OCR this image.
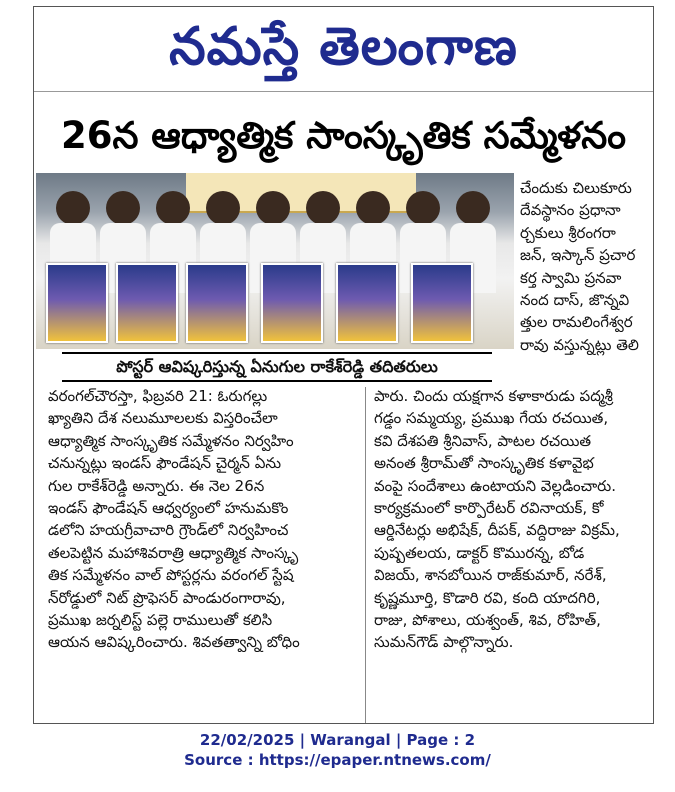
నమస్తే తెలంగాణ
26న ఆధ్యాత్మిక సాంస్కృతిక సమ్మేళనం
పోస్టర్ ఆవిష్కరిస్తున్న ఏనుగుల రాకేశ్‌రెడ్డి తదితరులు
చేందుకు చిలుకూరు
దేవస్థానం ప్రధానా
ర్చకులు శ్రీరంగరా
జన్, ఇస్కాన్ ప్రచార
కర్త స్వామి ప్రనవా
నంద దాస్, జొన్నవి
త్తుల రామలింగేశ్వర
రావు వస్తున్నట్లు తెలి
వరంగల్‌చౌరస్తా, ఫిబ్రవరి 21: ఓరుగల్లు
ఖ్యాతిని దేశ నలుమూలలకు విస్తరించేలా
ఆధ్యాత్మిక సాంస్కృతిక సమ్మేళనం నిర్వహిం
చనున్నట్లు ఇండస్ ఫౌండేషన్ చైర్మన్ ఏను
గుల రాకేశ్‌రెడ్డి అన్నారు. ఈ నెల 26న
ఇండస్ ఫౌండేషన్ ఆధ్వర్యంలో హనుమకొం
డలోని హయగ్రీవాచారి గ్రౌండ్‌లో నిర్వహించ
తలపెట్టిన మహాశివరాత్రి ఆధ్యాత్మిక సాంస్కృ
తిక సమ్మేళనం వాల్ పోస్టర్లను వరంగల్ స్టేష
న్‌రోడ్డులో నిట్ ప్రొఫెసర్ పాండురంగారావు,
ప్రముఖ జర్నలిస్ట్ పల్లె రాములుతో కలిసి
ఆయన ఆవిష్కరించారు. శివతత్వాన్ని బోధిం
పారు. చిందు యక్షగాన కళాకారుడు పద్మశ్రీ
గడ్డం సమ్మయ్య, ప్రముఖ గేయ రచయిత,
కవి దేశపతి శ్రీనివాస్, పాటల రచయిత
అనంత శ్రీరామ్‌తో సాంస్కృతిక కళావైభ
వంపై సందేశాలు ఉంటాయని వెల్లడించారు.
కార్యక్రమంలో కార్పొరేటర్ రవినాయక్, కో
ఆర్డినేటర్లు అభిషేక్, దీపక్, వద్దిరాజు విక్రమ్,
పుష్పతలయ, డాక్టర్ కొమురన్న, బోడ
విజయ్, శానబోయిన రాజ్‌కుమార్, నరేశ్,
కృష్ణమూర్తి, కొడారి రవి, కంది యాదగిరి,
రాజు, పోశాలు, యశ్వంత్, శివ, రోహిత్,
సుమన్‌గౌడ్ పాల్గొన్నారు.
22/02/2025 | Warangal | Page : 2
Source : https://epaper.ntnews.com/
